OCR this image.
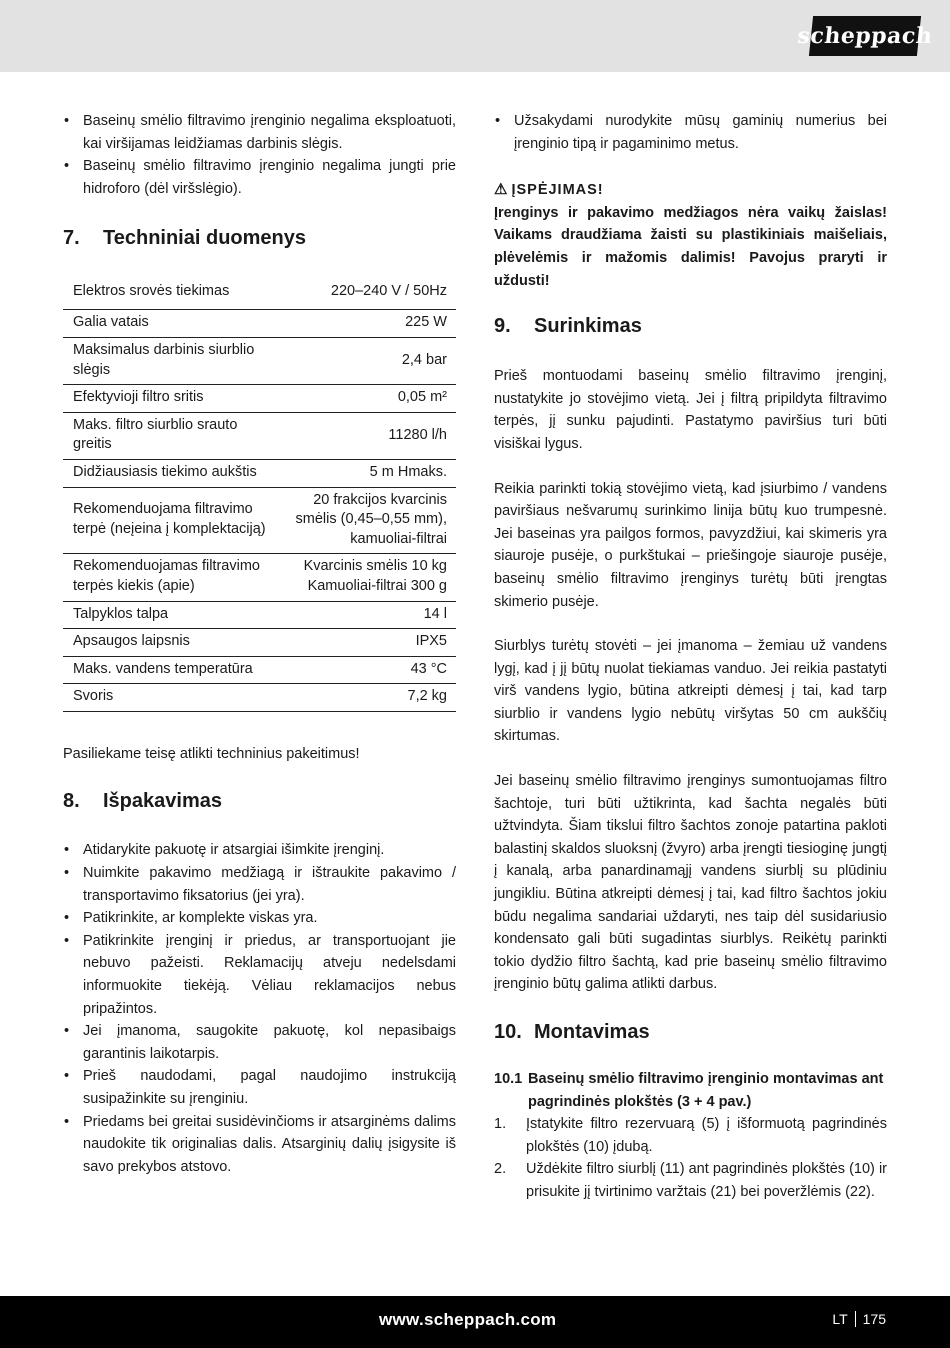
scheppach
• Baseinų smėlio filtravimo įrenginio negalima eksploatuoti, kai viršijamas leidžiamas darbinis slėgis.
• Baseinų smėlio filtravimo įrenginio negalima jungti prie hidroforo (dėl viršslėgio).
7.	Techniniai duomenys
Elektros srovės tiekimas	220–240 V / 50Hz
Galia vatais	225 W
Maksimalus darbinis siurblio slėgis	2,4 bar
Efektyvioji filtro sritis	0,05 m²
Maks. filtro siurblio srauto greitis	11280 l/h
Didžiausiasis tiekimo aukštis	5 m Hmaks.
Rekomenduojama filtravimo terpė (neįeina į komplektaciją)	20 frakcijos kvarcinis smėlis (0,45–0,55 mm), kamuoliai-filtrai
Rekomenduojamas filtravimo terpės kiekis (apie)	Kvarcinis smėlis 10 kg Kamuoliai-filtrai 300 g
Talpyklos talpa	14 l
Apsaugos laipsnis	IPX5
Maks. vandens temperatūra	43 °C
Svoris	7,2 kg
Pasiliekame teisę atlikti techninius pakeitimus!
8.	Išpakavimas
• Atidarykite pakuotę ir atsargiai išimkite įrenginį.
• Nuimkite pakavimo medžiagą ir ištraukite pakavimo / transportavimo fiksatorius (jei yra).
• Patikrinkite, ar komplekte viskas yra.
• Patikrinkite įrenginį ir priedus, ar transportuojant jie nebuvo pažeisti. Reklamacijų atveju nedelsdami informuokite tiekėją. Vėliau reklamacijos nebus pripažintos.
• Jei įmanoma, saugokite pakuotę, kol nepasibaigs garantinis laikotarpis.
• Prieš naudodami, pagal naudojimo instrukciją susipažinkite su įrenginiu.
• Priedams bei greitai susidėvinčioms ir atsarginėms dalims naudokite tik originalias dalis. Atsarginių dalių įsigysite iš savo prekybos atstovo.
• Užsakydami nurodykite mūsų gaminių numerius bei įrenginio tipą ir pagaminimo metus.
⚠ ĮSPĖJIMAS!
Įrenginys ir pakavimo medžiagos nėra vaikų žaislas! Vaikams draudžiama žaisti su plastikiniais maišeliais, plėvelėmis ir mažomis dalimis! Pavojus praryti ir uždusti!
9.	Surinkimas
Prieš montuodami baseinų smėlio filtravimo įrenginį, nustatykite jo stovėjimo vietą. Jei į filtrą pripildyta filtravimo terpės, jį sunku pajudinti. Pastatymo paviršius turi būti visiškai lygus.
Reikia parinkti tokią stovėjimo vietą, kad įsiurbimo / vandens paviršiaus nešvarumų surinkimo linija būtų kuo trumpesnė. Jei baseinas yra pailgos formos, pavyzdžiui, kai skimeris yra siauroje pusėje, o purkštukai – priešingoje siauroje pusėje, baseinų smėlio filtravimo įrenginys turėtų būti įrengtas skimerio pusėje.
Siurblys turėtų stovėti – jei įmanoma – žemiau už vandens lygį, kad į jį būtų nuolat tiekiamas vanduo. Jei reikia pastatyti virš vandens lygio, būtina atkreipti dėmesį į tai, kad tarp siurblio ir vandens lygio nebūtų viršytas 50 cm aukščių skirtumas.
Jei baseinų smėlio filtravimo įrenginys sumontuojamas filtro šachtoje, turi būti užtikrinta, kad šachta negalės būti užtvindyta. Šiam tikslui filtro šachtos zonoje patartina pakloti balastinį skaldos sluoksnį (žvyro) arba įrengti tiesioginę jungtį į kanalą, arba panardinamąjį vandens siurblį su plūdiniu jungikliu. Būtina atkreipti dėmesį į tai, kad filtro šachtos jokiu būdu negalima sandariai uždaryti, nes taip dėl susidariusio kondensato gali būti sugadintas siurblys. Reikėtų parinkti tokio dydžio filtro šachtą, kad prie baseinų smėlio filtravimo įrenginio būtų galima atlikti darbus.
10. Montavimas
10.1 Baseinų smėlio filtravimo įrenginio montavimas ant pagrindinės plokštės (3 + 4 pav.)
1.	Įstatykite filtro rezervuarą (5) į išformuotą pagrindinės plokštės (10) įdubą.
2.	Uždėkite filtro siurblį (11) ant pagrindinės plokštės (10) ir prisukite jį tvirtinimo varžtais (21) bei poveržlėmis (22).
www.scheppach.com	LT 175
